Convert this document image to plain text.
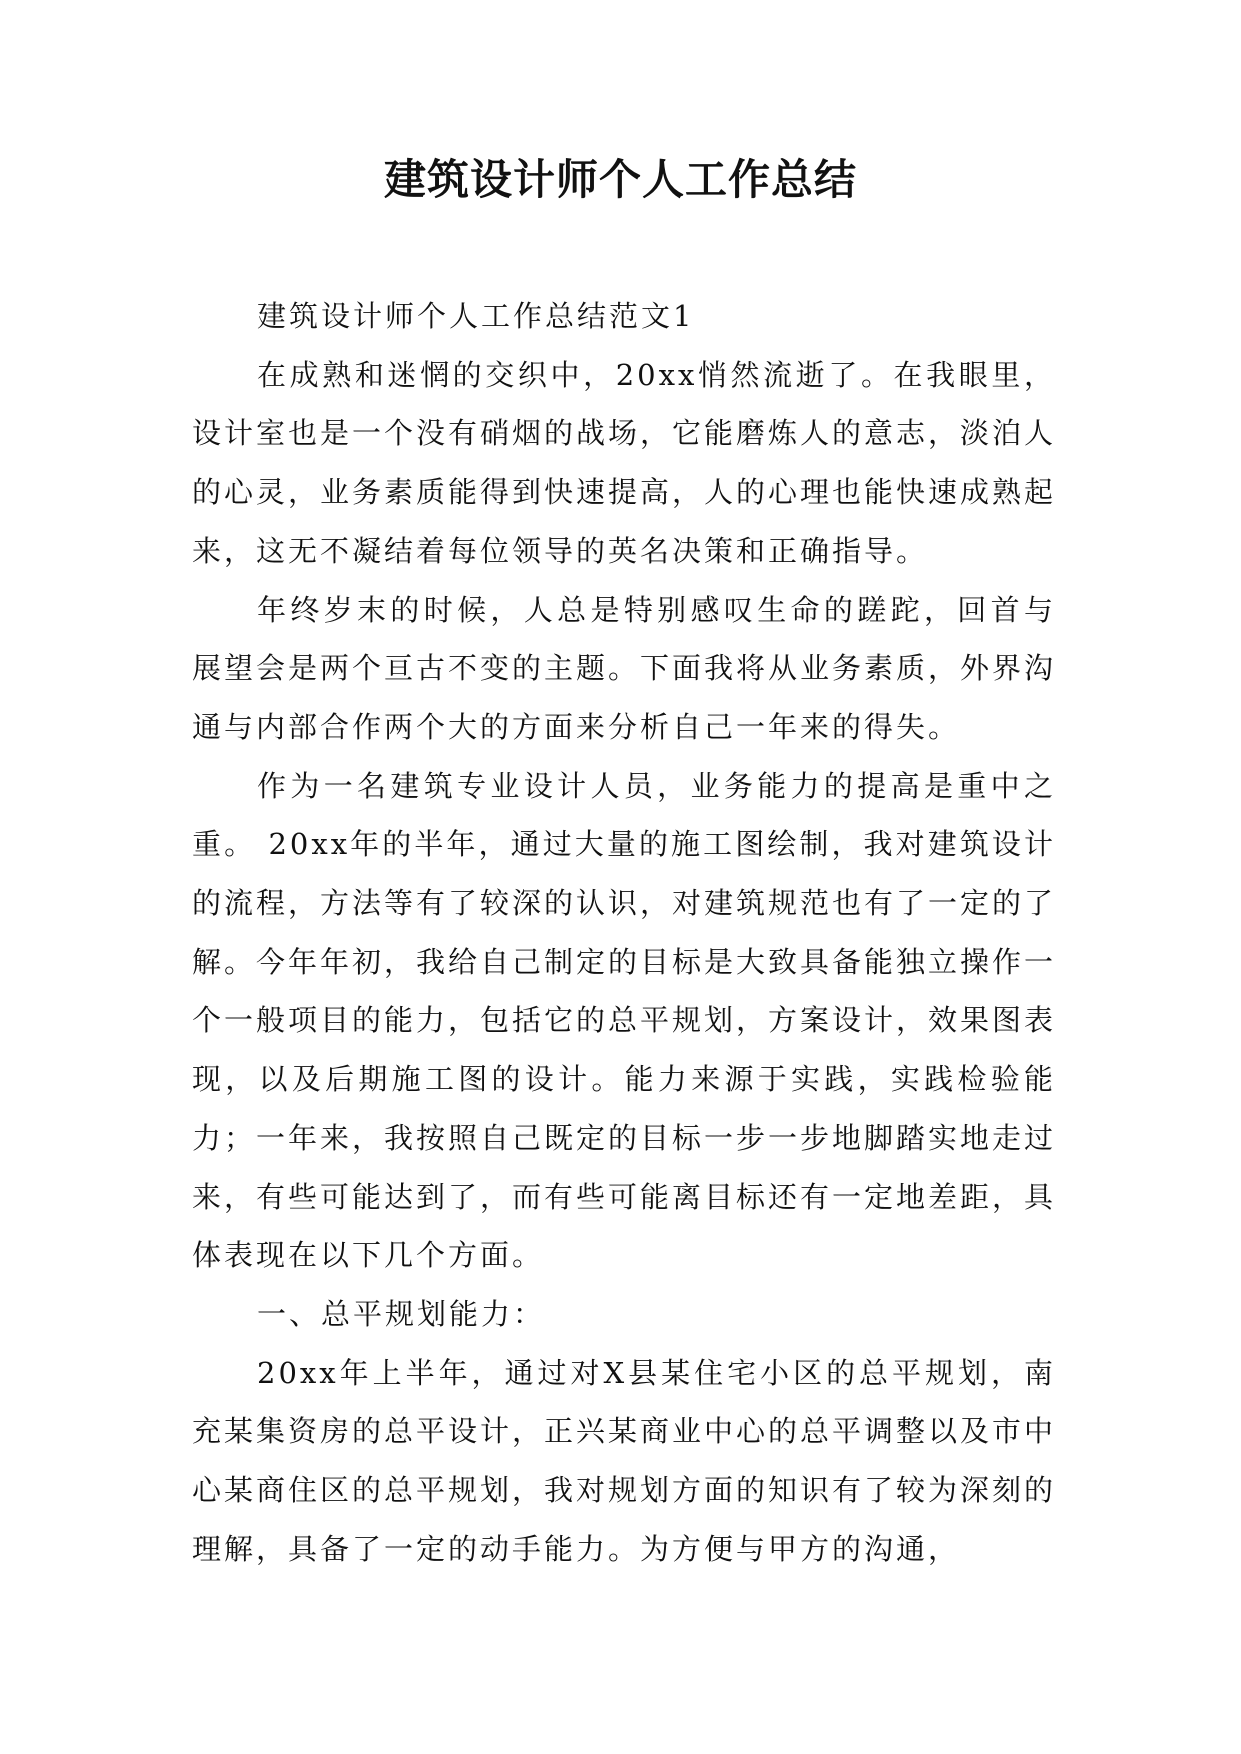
建筑设计师个人工作总结

建筑设计师个人工作总结范文1

在成熟和迷惘的交织中，20xx悄然流逝了。在我眼里，设计室也是一个没有硝烟的战场，它能磨炼人的意志，淡泊人的心灵，业务素质能得到快速提高，人的心理也能快速成熟起来，这无不凝结着每位领导的英名决策和正确指导。

年终岁末的时候，人总是特别感叹生命的蹉跎，回首与展望会是两个亘古不变的主题。下面我将从业务素质，外界沟通与内部合作两个大的方面来分析自己一年来的得失。

作为一名建筑专业设计人员，业务能力的提高是重中之重。 20xx年的半年，通过大量的施工图绘制，我对建筑设计的流程，方法等有了较深的认识，对建筑规范也有了一定的了解。今年年初，我给自己制定的目标是大致具备能独立操作一个一般项目的能力，包括它的总平规划，方案设计，效果图表现，以及后期施工图的设计。能力来源于实践，实践检验能力；一年来，我按照自己既定的目标一步一步地脚踏实地走过来，有些可能达到了，而有些可能离目标还有一定地差距，具体表现在以下几个方面。

一、总平规划能力：

20xx年上半年，通过对X县某住宅小区的总平规划，南充某集资房的总平设计，正兴某商业中心的总平调整以及市中心某商住区的总平规划，我对规划方面的知识有了较为深刻的理解，具备了一定的动手能力。为方便与甲方的沟通，
